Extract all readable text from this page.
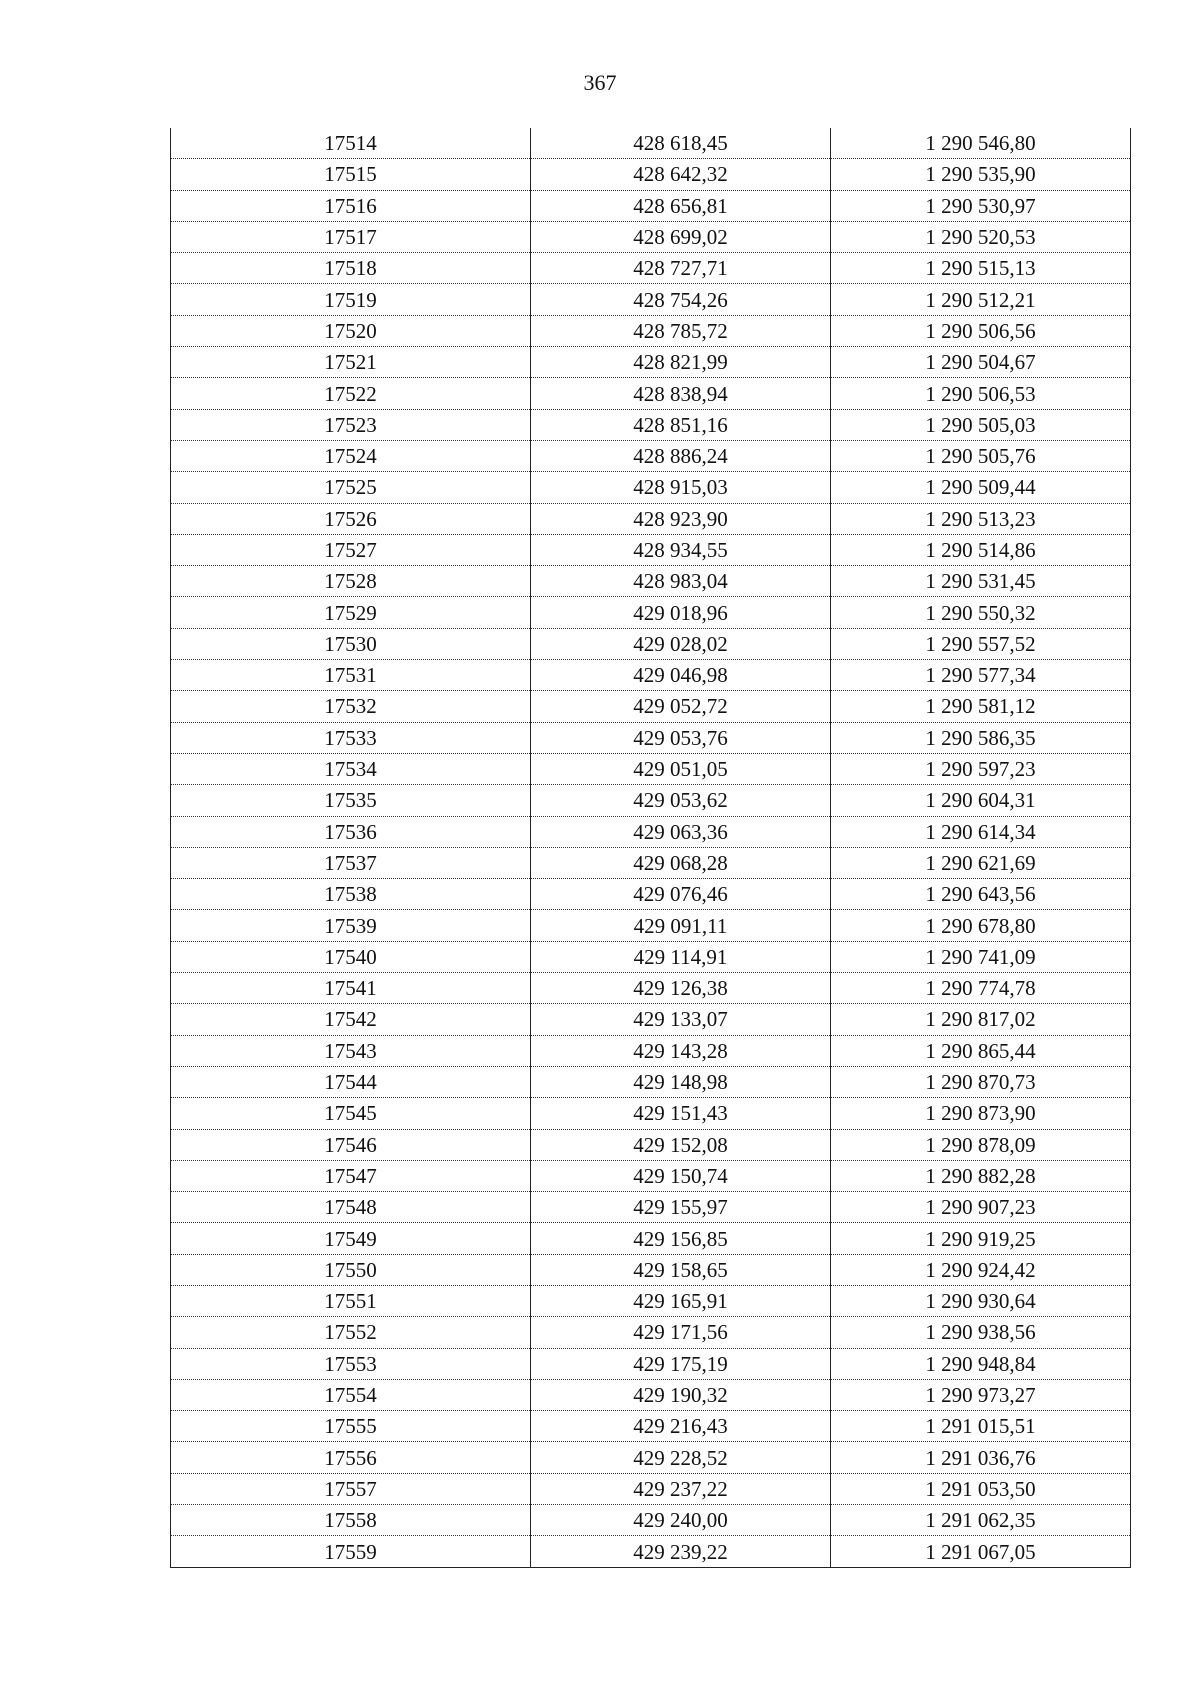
367
17514	428 618,45	1 290 546,80
17515	428 642,32	1 290 535,90
17516	428 656,81	1 290 530,97
17517	428 699,02	1 290 520,53
17518	428 727,71	1 290 515,13
17519	428 754,26	1 290 512,21
17520	428 785,72	1 290 506,56
17521	428 821,99	1 290 504,67
17522	428 838,94	1 290 506,53
17523	428 851,16	1 290 505,03
17524	428 886,24	1 290 505,76
17525	428 915,03	1 290 509,44
17526	428 923,90	1 290 513,23
17527	428 934,55	1 290 514,86
17528	428 983,04	1 290 531,45
17529	429 018,96	1 290 550,32
17530	429 028,02	1 290 557,52
17531	429 046,98	1 290 577,34
17532	429 052,72	1 290 581,12
17533	429 053,76	1 290 586,35
17534	429 051,05	1 290 597,23
17535	429 053,62	1 290 604,31
17536	429 063,36	1 290 614,34
17537	429 068,28	1 290 621,69
17538	429 076,46	1 290 643,56
17539	429 091,11	1 290 678,80
17540	429 114,91	1 290 741,09
17541	429 126,38	1 290 774,78
17542	429 133,07	1 290 817,02
17543	429 143,28	1 290 865,44
17544	429 148,98	1 290 870,73
17545	429 151,43	1 290 873,90
17546	429 152,08	1 290 878,09
17547	429 150,74	1 290 882,28
17548	429 155,97	1 290 907,23
17549	429 156,85	1 290 919,25
17550	429 158,65	1 290 924,42
17551	429 165,91	1 290 930,64
17552	429 171,56	1 290 938,56
17553	429 175,19	1 290 948,84
17554	429 190,32	1 290 973,27
17555	429 216,43	1 291 015,51
17556	429 228,52	1 291 036,76
17557	429 237,22	1 291 053,50
17558	429 240,00	1 291 062,35
17559	429 239,22	1 291 067,05
